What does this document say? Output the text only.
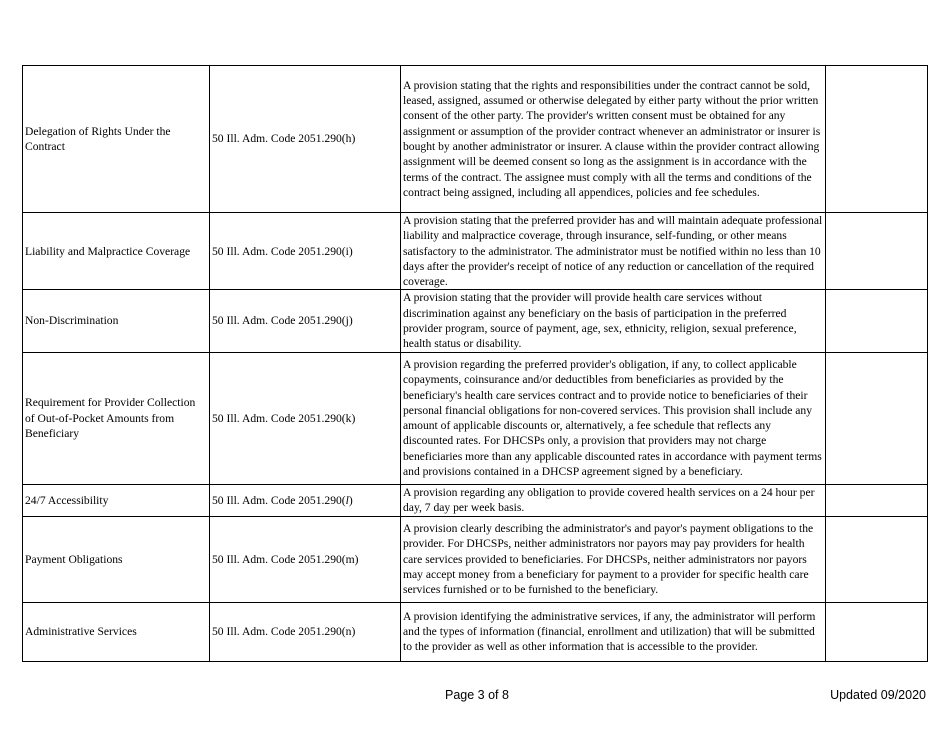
Delegation of Rights Under the Contract	50 Ill. Adm. Code 2051.290(h)	A provision stating that the rights and responsibilities under the contract cannot be sold, leased, assigned, assumed or otherwise delegated by either party without the prior written consent of the other party. The provider's written consent must be obtained for any assignment or assumption of the provider contract whenever an administrator or insurer is bought by another administrator or insurer. A clause within the provider contract allowing assignment will be deemed consent so long as the assignment is in accordance with the terms of the contract. The assignee must comply with all the terms and conditions of the contract being assigned, including all appendices, policies and fee schedules.	
Liability and Malpractice Coverage	50 Ill. Adm. Code 2051.290(i)	A provision stating that the preferred provider has and will maintain adequate professional liability and malpractice coverage, through insurance, self-funding, or other means satisfactory to the administrator. The administrator must be notified within no less than 10 days after the provider's receipt of notice of any reduction or cancellation of the required coverage.	
Non-Discrimination	50 Ill. Adm. Code 2051.290(j)	A provision stating that the provider will provide health care services without discrimination against any beneficiary on the basis of participation in the preferred provider program, source of payment, age, sex, ethnicity, religion, sexual preference, health status or disability.	
Requirement for Provider Collection of Out-of-Pocket Amounts from Beneficiary	50 Ill. Adm. Code 2051.290(k)	A provision regarding the preferred provider's obligation, if any, to collect applicable copayments, coinsurance and/or deductibles from beneficiaries as provided by the beneficiary's health care services contract and to provide notice to beneficiaries of their personal financial obligations for non-covered services. This provision shall include any amount of applicable discounts or, alternatively, a fee schedule that reflects any discounted rates. For DHCSPs only, a provision that providers may not charge beneficiaries more than any applicable discounted rates in accordance with payment terms and provisions contained in a DHCSP agreement signed by a beneficiary.	
24/7 Accessibility	50 Ill. Adm. Code 2051.290(l)	A provision regarding any obligation to provide covered health services on a 24 hour per day, 7 day per week basis.	
Payment Obligations	50 Ill. Adm. Code 2051.290(m)	A provision clearly describing the administrator's and payor's payment obligations to the provider. For DHCSPs, neither administrators nor payors may pay providers for health care services provided to beneficiaries. For DHCSPs, neither administrators nor payors may accept money from a beneficiary for payment to a provider for specific health care services furnished or to be furnished to the beneficiary.	
Administrative Services	50 Ill. Adm. Code 2051.290(n)	A provision identifying the administrative services, if any, the administrator will perform and the types of information (financial, enrollment and utilization) that will be submitted to the provider as well as other information that is accessible to the provider.	
Page 3 of 8	Updated 09/2020
